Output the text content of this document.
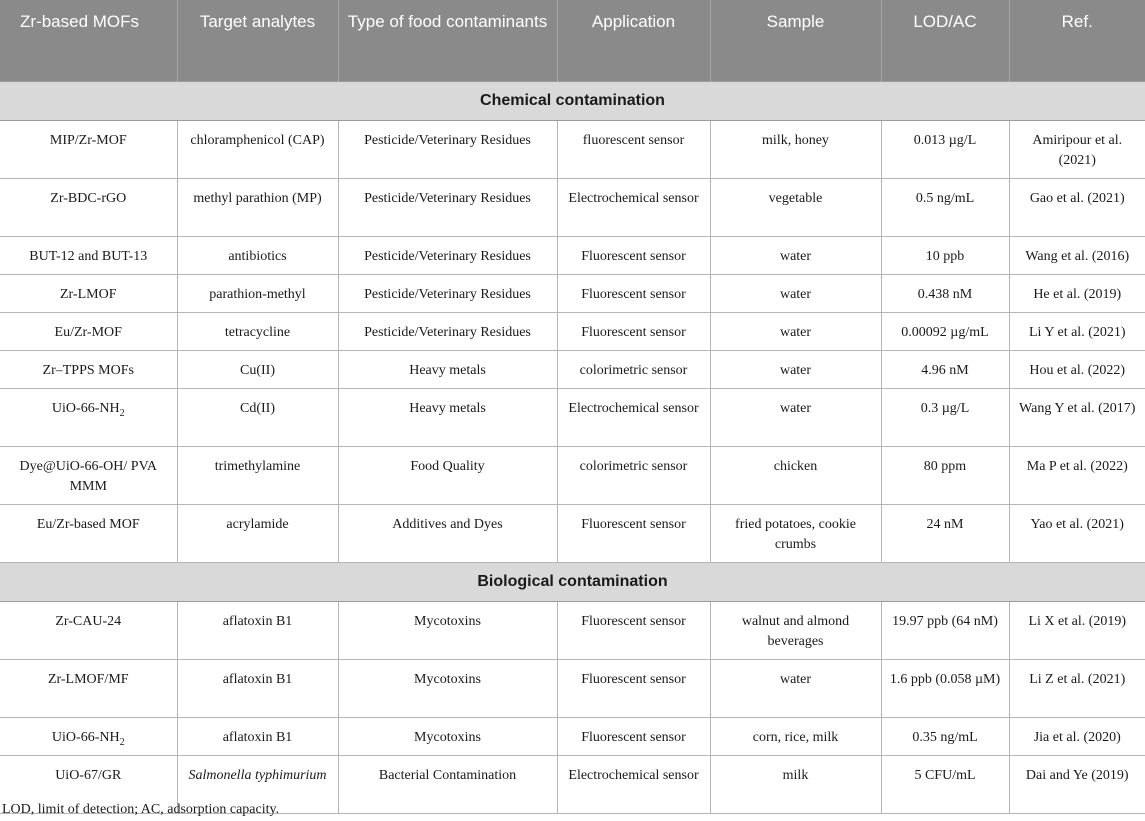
Zr-based MOFs	Target analytes	Type of food contaminants	Application	Sample	LOD/AC	Ref.
Chemical contamination						
MIP/Zr-MOF	chloramphenicol (CAP)	Pesticide/Veterinary Residues	fluorescent sensor	milk, honey	0.013 µg/L	Amiripour et al. (2021)
Zr-BDC-rGO	methyl parathion (MP)	Pesticide/Veterinary Residues	Electrochemical sensor	vegetable	0.5 ng/mL	Gao et al. (2021)
BUT-12 and BUT-13	antibiotics	Pesticide/Veterinary Residues	Fluorescent sensor	water	10 ppb	Wang et al. (2016)
Zr-LMOF	parathion-methyl	Pesticide/Veterinary Residues	Fluorescent sensor	water	0.438 nM	He et al. (2019)
Eu/Zr-MOF	tetracycline	Pesticide/Veterinary Residues	Fluorescent sensor	water	0.00092 µg/mL	Li Y et al. (2021)
Zr–TPPS MOFs	Cu(II)	Heavy metals	colorimetric sensor	water	4.96 nM	Hou et al. (2022)
UiO-$66-NH_2$	Cd(II)	Heavy metals	Electrochemical sensor	water	0.3 µg/L	Wang Y et al. (2017)
Dye@UiO-66-OH/ PVA MMM	trimethylamine	Food Quality	colorimetric sensor	chicken	80 ppm	Ma P et al. (2022)
Eu/Zr-based MOF	acrylamide	Additives and Dyes	Fluorescent sensor	fried potatoes, cookie crumbs	24 nM	Yao et al. (2021)
Biological contamination						
Zr-CAU-24	aflatoxin B1	Mycotoxins	Fluorescent sensor	walnut and almond beverages	19.97 ppb (64 nM)	Li X et al. (2019)
Zr-LMOF/MF	aflatoxin B1	Mycotoxins	Fluorescent sensor	water	1.6 ppb (0.058 µM)	Li Z et al. (2021)
UiO-$66-NH_2$	aflatoxin B1	Mycotoxins	Fluorescent sensor	corn, rice, milk	0.35 ng/mL	Jia et al. (2020)
UiO-67/GR	Salmonella typhimurium	Bacterial Contamination	Electrochemical sensor	milk	5 CFU/mL	Dai and Ye (2019)
LOD, limit of detection; AC, adsorption capacity.
